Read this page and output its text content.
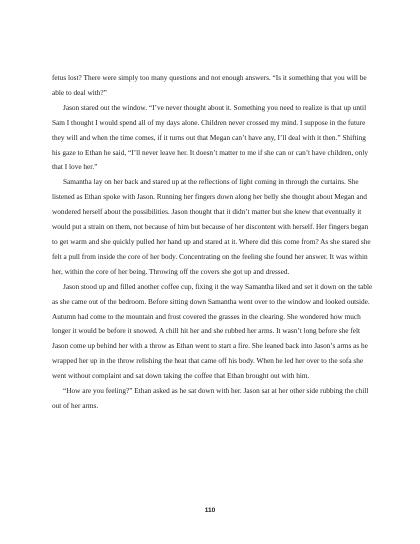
fetus lost? There were simply too many questions and not enough answers. “Is it something that you will be able to deal with?”

Jason stared out the window. “I’ve never thought about it. Something you need to realize is that up until Sam I thought I would spend all of my days alone. Children never crossed my mind. I suppose in the future they will and when the time comes, if it turns out that Megan can’t have any, I’ll deal with it then.” Shifting his gaze to Ethan he said, “I’ll never leave her. It doesn’t matter to me if she can or can’t have children, only that I love her.”

Samantha lay on her back and stared up at the reflections of light coming in through the curtains. She listened as Ethan spoke with Jason. Running her fingers down along her belly she thought about Megan and wondered herself about the possibilities. Jason thought that it didn’t matter but she knew that eventually it would put a strain on them, not because of him but because of her discontent with herself. Her fingers began to get warm and she quickly pulled her hand up and stared at it. Where did this come from? As she stared she felt a pull from inside the core of her body. Concentrating on the feeling she found her answer. It was within her, within the core of her being. Throwing off the covers she got up and dressed.

Jason stood up and filled another coffee cup, fixing it the way Samantha liked and set it down on the table as she came out of the bedroom. Before sitting down Samantha went over to the window and looked outside. Autumn had come to the mountain and frost covered the grasses in the clearing. She wondered how much longer it would be before it snowed. A chill hit her and she rubbed her arms. It wasn’t long before she felt Jason come up behind her with a throw as Ethan went to start a fire. She leaned back into Jason’s arms as he wrapped her up in the throw relishing the heat that came off his body. When he led her over to the sofa she went without complaint and sat down taking the coffee that Ethan brought out with him.

“How are you feeling?” Ethan asked as he sat down with her. Jason sat at her other side rubbing the chill out of her arms.

110
